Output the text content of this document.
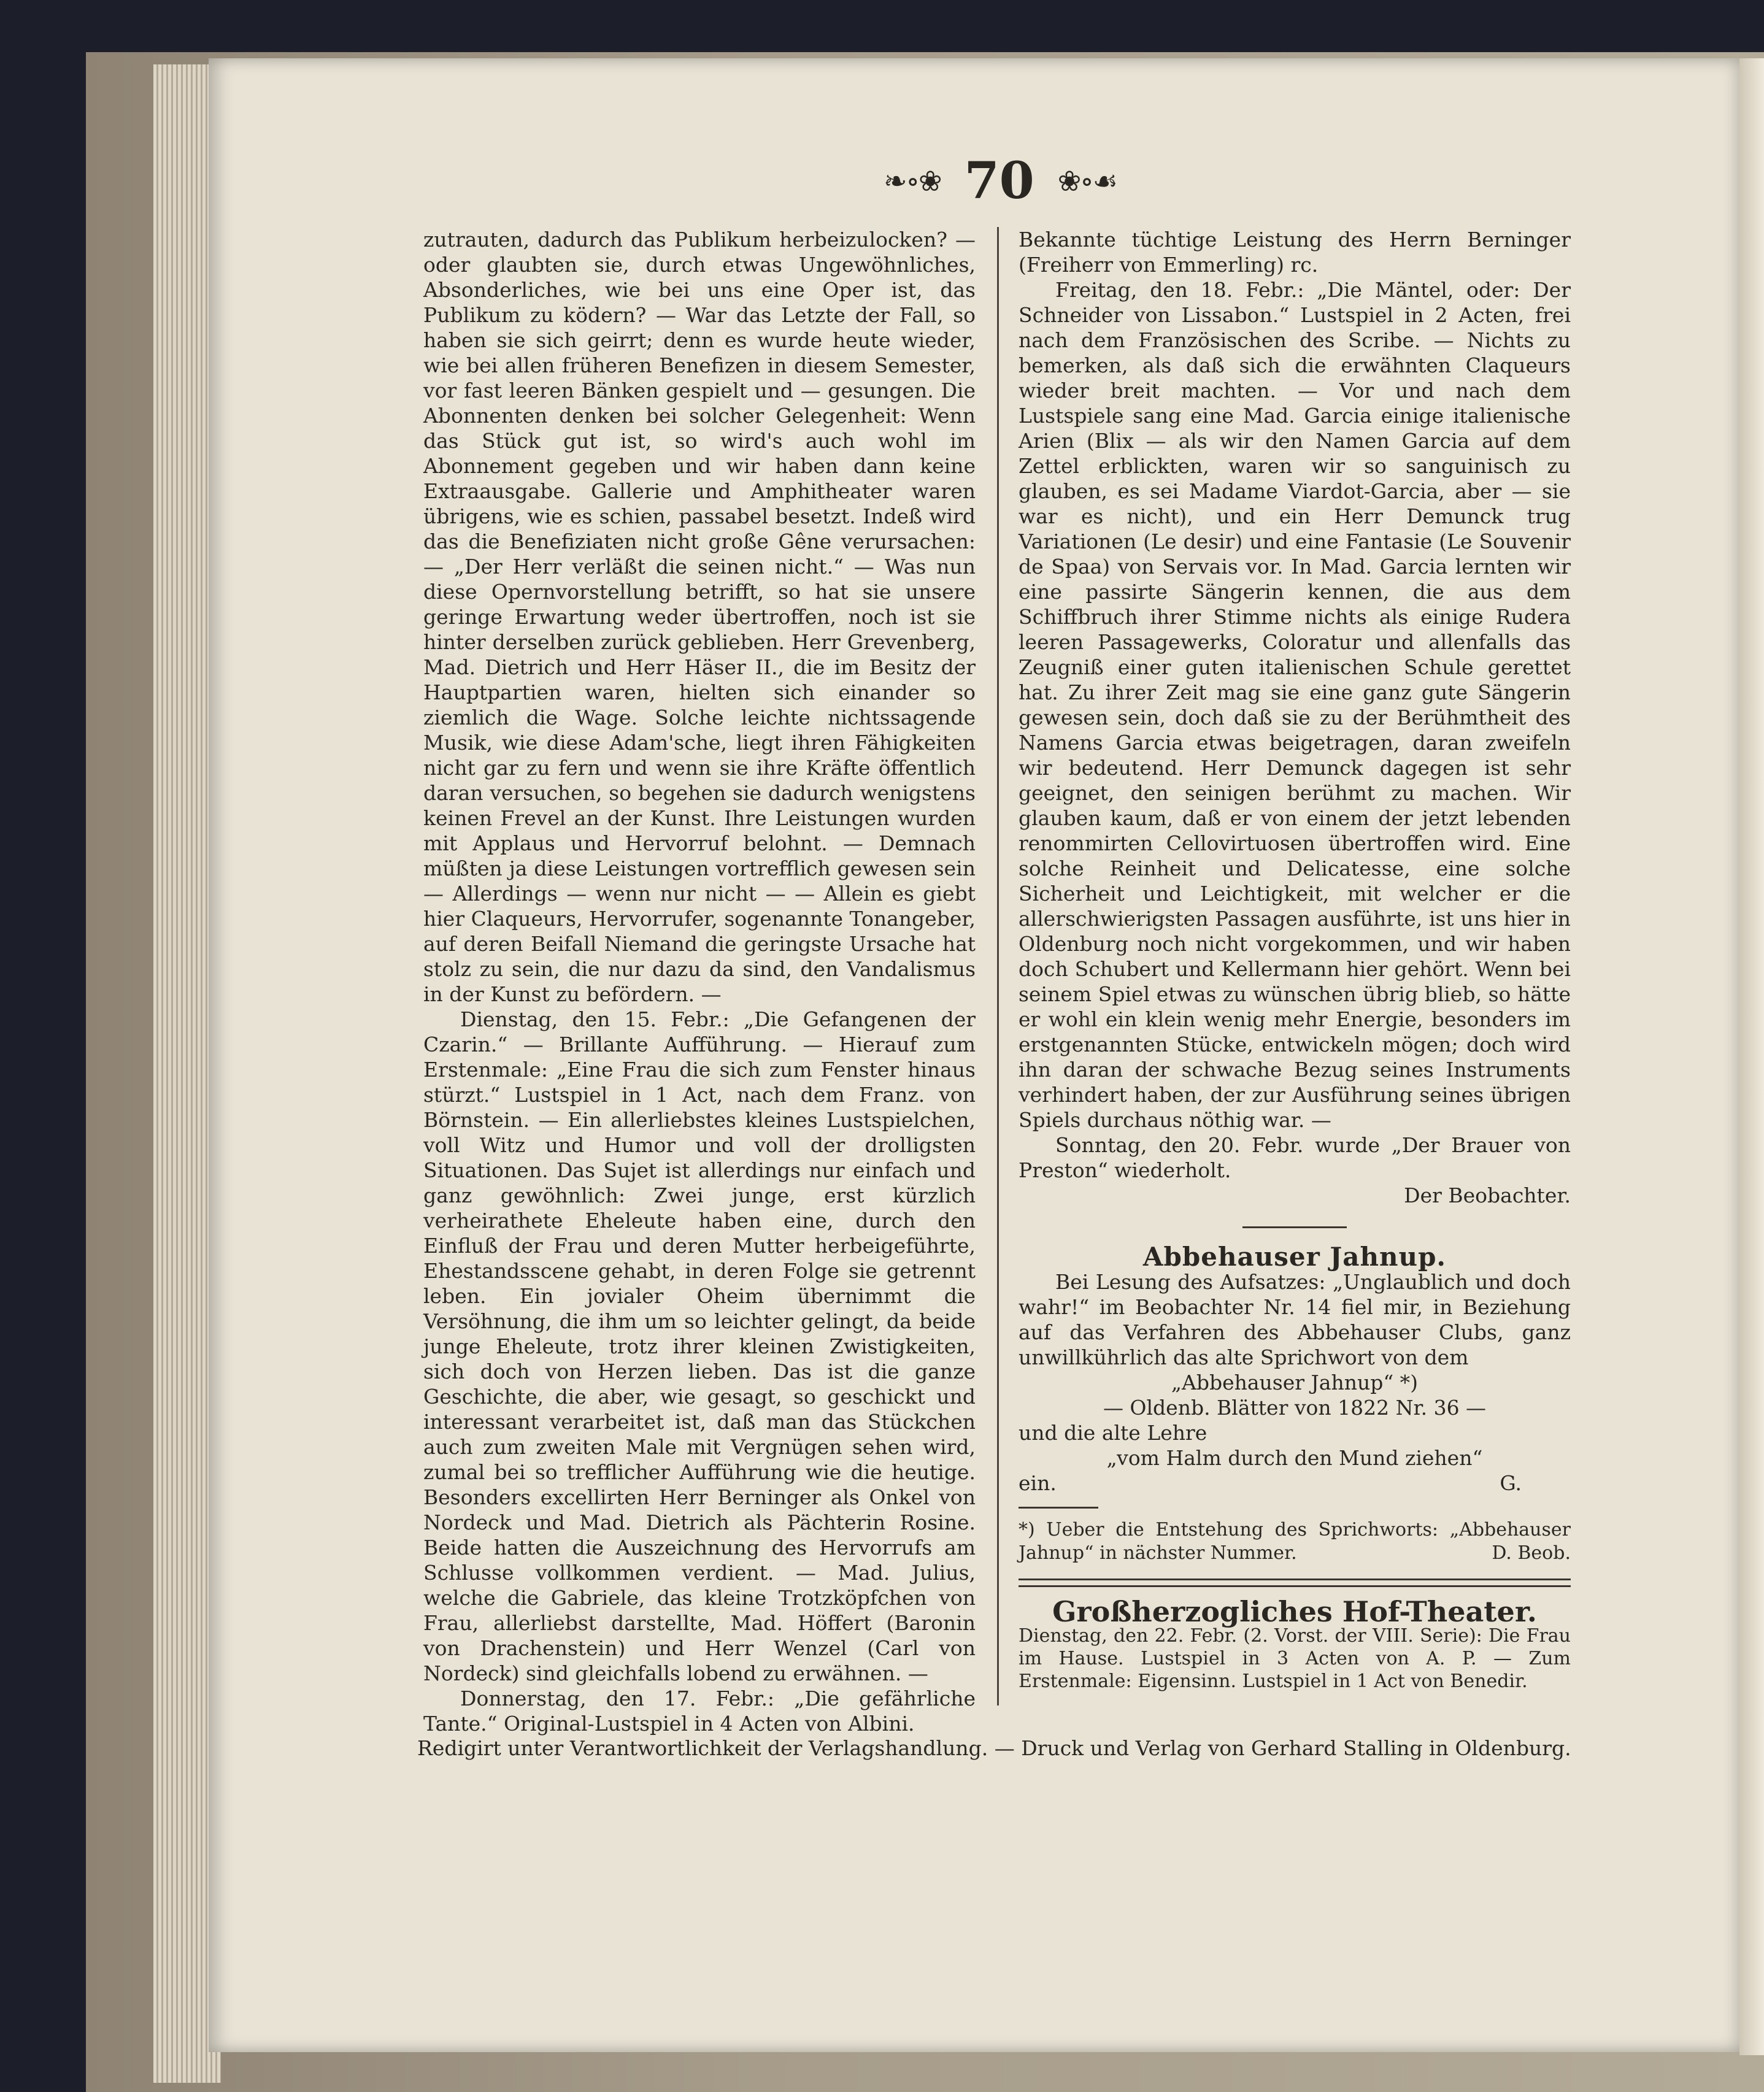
❧∘❀ 70 ❀∘☙

zutrauten, dadurch das Publikum herbeizulocken? — oder glaubten sie, durch etwas Ungewöhnliches, Absonderliches, wie bei uns eine Oper ist, das Publikum zu ködern? — War das Letzte der Fall, so haben sie sich geirrt; denn es wurde heute wieder, wie bei allen früheren Benefizen in diesem Semester, vor fast leeren Bänken gespielt und — gesungen. Die Abonnenten denken bei solcher Gelegenheit: Wenn das Stück gut ist, so wird's auch wohl im Abonnement gegeben und wir haben dann keine Extraausgabe. Gallerie und Amphitheater waren übrigens, wie es schien, passabel besetzt. Indeß wird das die Benefiziaten nicht große Gêne verursachen: — „Der Herr verläßt die seinen nicht.“ — Was nun diese Opernvorstellung betrifft, so hat sie unsere geringe Erwartung weder übertroffen, noch ist sie hinter derselben zurück geblieben. Herr Grevenberg, Mad. Dietrich und Herr Häser II., die im Besitz der Hauptpartien waren, hielten sich einander so ziemlich die Wage. Solche leichte nichtssagende Musik, wie diese Adam'sche, liegt ihren Fähigkeiten nicht gar zu fern und wenn sie ihre Kräfte öffentlich daran versuchen, so begehen sie dadurch wenigstens keinen Frevel an der Kunst. Ihre Leistungen wurden mit Applaus und Hervorruf belohnt. — Demnach müßten ja diese Leistungen vortrefflich gewesen sein — Allerdings — wenn nur nicht — — Allein es giebt hier Claqueurs, Hervorrufer, sogenannte Tonangeber, auf deren Beifall Niemand die geringste Ursache hat stolz zu sein, die nur dazu da sind, den Vandalismus in der Kunst zu befördern. —

Dienstag, den 15. Febr.: „Die Gefangenen der Czarin.“ — Brillante Aufführung. — Hierauf zum Erstenmale: „Eine Frau die sich zum Fenster hinaus stürzt.“ Lustspiel in 1 Act, nach dem Franz. von Börnstein. — Ein allerliebstes kleines Lustspielchen, voll Witz und Humor und voll der drolligsten Situationen. Das Sujet ist allerdings nur einfach und ganz gewöhnlich: Zwei junge, erst kürzlich verheirathete Eheleute haben eine, durch den Einfluß der Frau und deren Mutter herbeigeführte, Ehestandsscene gehabt, in deren Folge sie getrennt leben. Ein jovialer Oheim übernimmt die Versöhnung, die ihm um so leichter gelingt, da beide junge Eheleute, trotz ihrer kleinen Zwistigkeiten, sich doch von Herzen lieben. Das ist die ganze Geschichte, die aber, wie gesagt, so geschickt und interessant verarbeitet ist, daß man das Stückchen auch zum zweiten Male mit Vergnügen sehen wird, zumal bei so trefflicher Aufführung wie die heutige. Besonders excellirten Herr Berninger als Onkel von Nordeck und Mad. Dietrich als Pächterin Rosine. Beide hatten die Auszeichnung des Hervorrufs am Schlusse vollkommen verdient. — Mad. Julius, welche die Gabriele, das kleine Trotzköpfchen von Frau, allerliebst darstellte, Mad. Höffert (Baronin von Drachenstein) und Herr Wenzel (Carl von Nordeck) sind gleichfalls lobend zu erwähnen. —

Donnerstag, den 17. Febr.: „Die gefährliche Tante.“ Original-Lustspiel in 4 Acten von Albini.

Bekannte tüchtige Leistung des Herrn Berninger (Freiherr von Emmerling) rc.

Freitag, den 18. Febr.: „Die Mäntel, oder: Der Schneider von Lissabon.“ Lustspiel in 2 Acten, frei nach dem Französischen des Scribe. — Nichts zu bemerken, als daß sich die erwähnten Claqueurs wieder breit machten. — Vor und nach dem Lustspiele sang eine Mad. Garcia einige italienische Arien (Blix — als wir den Namen Garcia auf dem Zettel erblickten, waren wir so sanguinisch zu glauben, es sei Madame Viardot-Garcia, aber — sie war es nicht), und ein Herr Demunck trug Variationen (Le desir) und eine Fantasie (Le Souvenir de Spaa) von Servais vor. In Mad. Garcia lernten wir eine passirte Sängerin kennen, die aus dem Schiffbruch ihrer Stimme nichts als einige Rudera leeren Passagewerks, Coloratur und allenfalls das Zeugniß einer guten italienischen Schule gerettet hat. Zu ihrer Zeit mag sie eine ganz gute Sängerin gewesen sein, doch daß sie zu der Berühmtheit des Namens Garcia etwas beigetragen, daran zweifeln wir bedeutend. Herr Demunck dagegen ist sehr geeignet, den seinigen berühmt zu machen. Wir glauben kaum, daß er von einem der jetzt lebenden renommirten Cellovirtuosen übertroffen wird. Eine solche Reinheit und Delicatesse, eine solche Sicherheit und Leichtigkeit, mit welcher er die allerschwierigsten Passagen ausführte, ist uns hier in Oldenburg noch nicht vorgekommen, und wir haben doch Schubert und Kellermann hier gehört. Wenn bei seinem Spiel etwas zu wünschen übrig blieb, so hätte er wohl ein klein wenig mehr Energie, besonders im erstgenannten Stücke, entwickeln mögen; doch wird ihn daran der schwache Bezug seines Instruments verhindert haben, der zur Ausführung seines übrigen Spiels durchaus nöthig war. —

Sonntag, den 20. Febr. wurde „Der Brauer von Preston“ wiederholt.

Der Beobachter.

Abbehauser Jahnup.

Bei Lesung des Aufsatzes: „Unglaublich und doch wahr!“ im Beobachter Nr. 14 fiel mir, in Beziehung auf das Verfahren des Abbehauser Clubs, ganz unwillkührlich das alte Sprichwort von dem

„Abbehauser Jahnup“ *)

— Oldenb. Blätter von 1822 Nr. 36 —

und die alte Lehre

„vom Halm durch den Mund ziehen“

ein.	G.

*) Ueber die Entstehung des Sprichworts: „Abbehauser Jahnup“ in nächster Nummer.	D. Beob.

Großherzogliches Hof-Theater.

Dienstag, den 22. Febr. (2. Vorst. der VIII. Serie): Die Frau im Hause. Lustspiel in 3 Acten von A. P. — Zum Erstenmale: Eigensinn. Lustspiel in 1 Act von Benedir.

Redigirt unter Verantwortlichkeit der Verlagshandlung. — Druck und Verlag von Gerhard Stalling in Oldenburg.
